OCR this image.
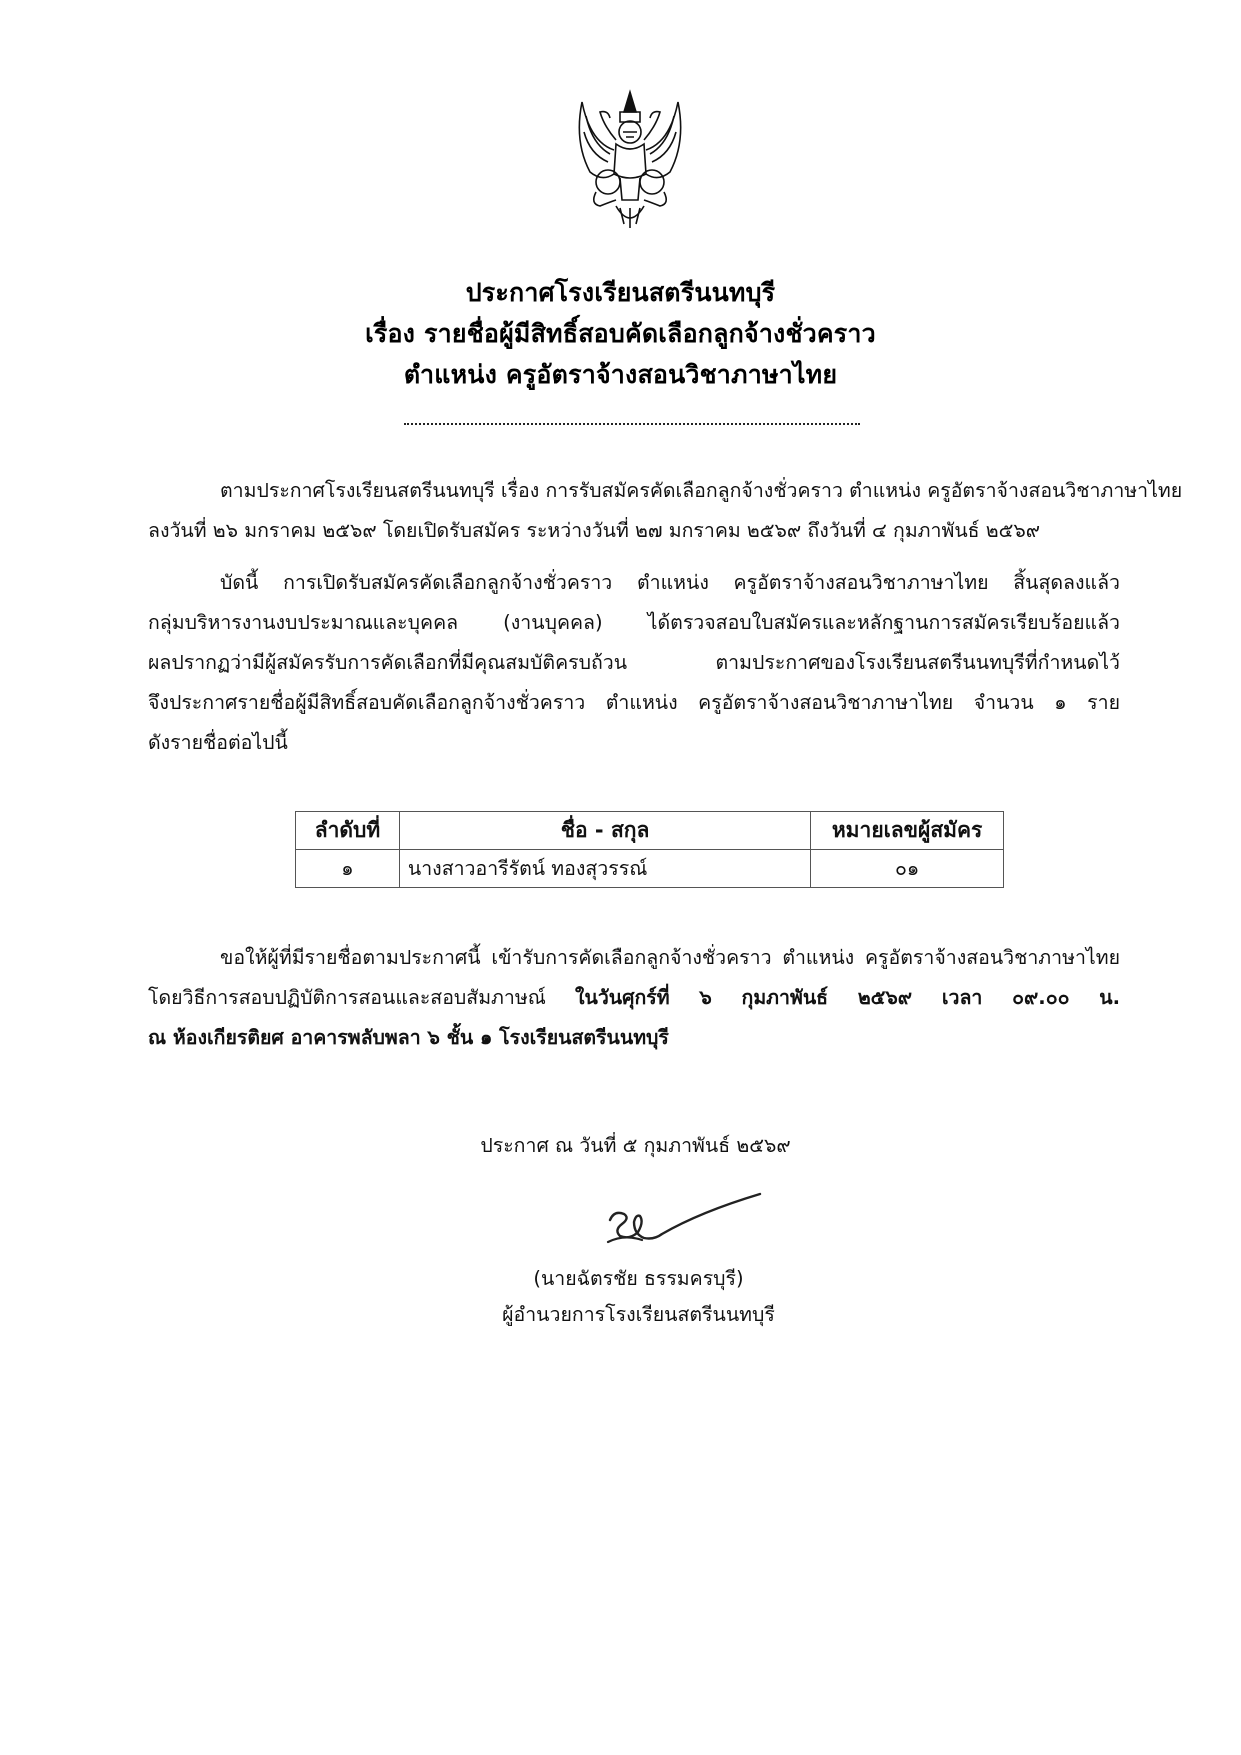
ประกาศโรงเรียนสตรีนนทบุรี
เรื่อง รายชื่อผู้มีสิทธิ์สอบคัดเลือกลูกจ้างชั่วคราว
ตำแหน่ง ครูอัตราจ้างสอนวิชาภาษาไทย
ตามประกาศโรงเรียนสตรีนนทบุรี เรื่อง การรับสมัครคัดเลือกลูกจ้างชั่วคราว ตำแหน่ง ครูอัตราจ้างสอนวิชาภาษาไทย
ลงวันที่ ๒๖ มกราคม ๒๕๖๙ โดยเปิดรับสมัคร ระหว่างวันที่ ๒๗ มกราคม ๒๕๖๙ ถึงวันที่ ๔ กุมภาพันธ์ ๒๕๖๙
บัดนี้ การเปิดรับสมัครคัดเลือกลูกจ้างชั่วคราว ตำแหน่ง ครูอัตราจ้างสอนวิชาภาษาไทย สิ้นสุดลงแล้ว
กลุ่มบริหารงานงบประมาณและบุคคล (งานบุคคล) ได้ตรวจสอบใบสมัครและหลักฐานการสมัครเรียบร้อยแล้ว
ผลปรากฏว่ามีผู้สมัครรับการคัดเลือกที่มีคุณสมบัติครบถ้วน ตามประกาศของโรงเรียนสตรีนนทบุรีที่กำหนดไว้
จึงประกาศรายชื่อผู้มีสิทธิ์สอบคัดเลือกลูกจ้างชั่วคราว ตำแหน่ง ครูอัตราจ้างสอนวิชาภาษาไทย จำนวน ๑ ราย
ดังรายชื่อต่อไปนี้
ลำดับที่	ชื่อ - สกุล	หมายเลขผู้สมัคร
๑	นางสาวอารีรัตน์ ทองสุวรรณ์	๐๑
ขอให้ผู้ที่มีรายชื่อตามประกาศนี้ เข้ารับการคัดเลือกลูกจ้างชั่วคราว ตำแหน่ง ครูอัตราจ้างสอนวิชาภาษาไทย
โดยวิธีการสอบปฏิบัติการสอนและสอบสัมภาษณ์ ในวันศุกร์ที่ ๖ กุมภาพันธ์ ๒๕๖๙ เวลา ๐๙.๐๐ น.
ณ ห้องเกียรติยศ อาคารพลับพลา ๖ ชั้น ๑ โรงเรียนสตรีนนทบุรี
ประกาศ ณ วันที่ ๕ กุมภาพันธ์ ๒๕๖๙
(นายฉัตรชัย ธรรมครบุรี)
ผู้อำนวยการโรงเรียนสตรีนนทบุรี
